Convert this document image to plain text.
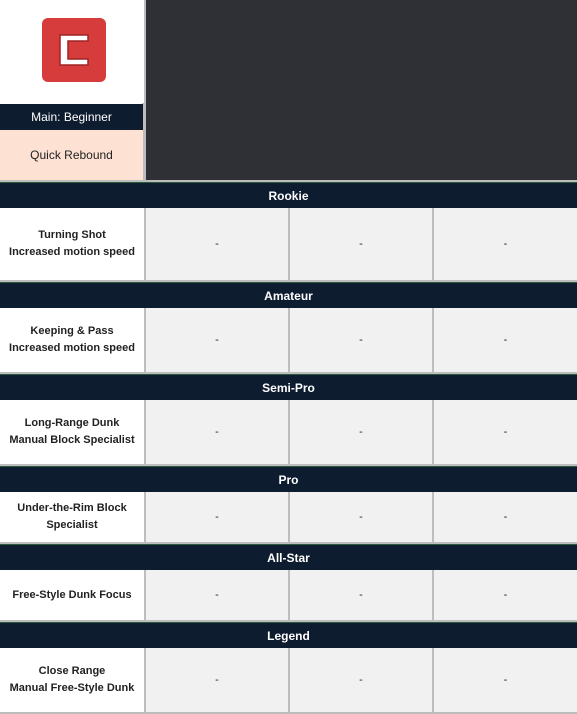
Main: Beginner
Quick Rebound
Rookie
Turning Shot
Increased motion speed
-	-	-
Amateur
Keeping & Pass
Increased motion speed
-	-	-
Semi-Pro
Long-Range Dunk
Manual Block Specialist
-	-	-
Pro
Under-the-Rim Block
Specialist
-	-	-
All-Star
Free-Style Dunk Focus	-	-	-
Legend
Close Range
Manual Free-Style Dunk
-	-	-
